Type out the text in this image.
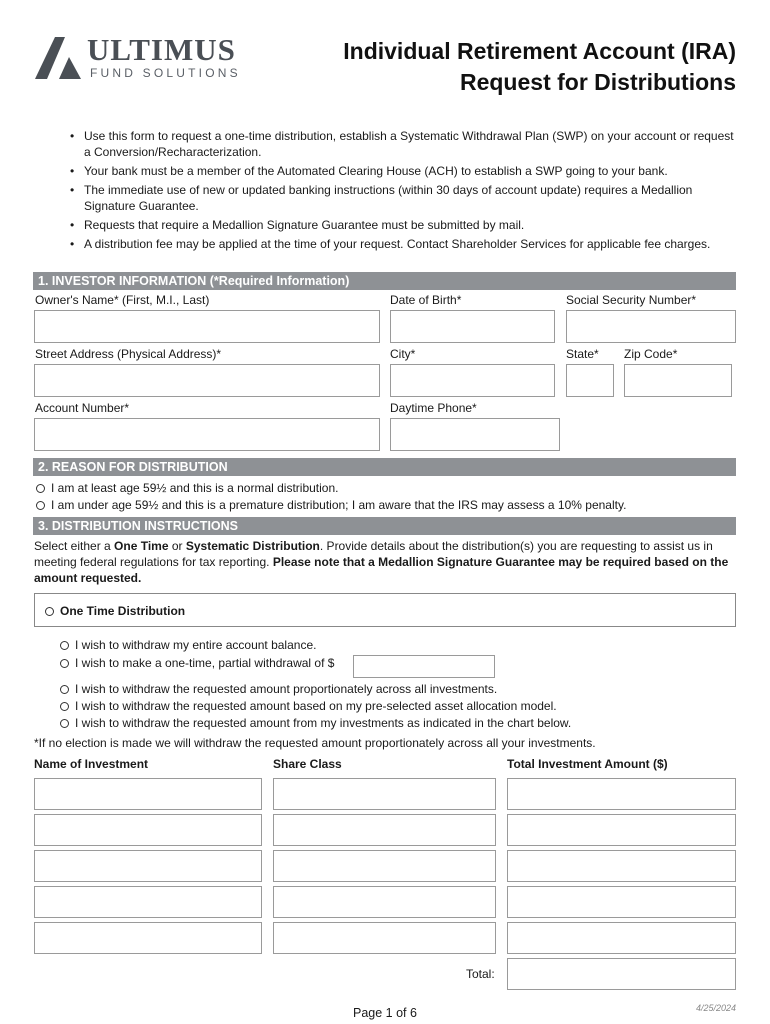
ULTIMUS
FUND SOLUTIONS
Individual Retirement Account (IRA)
Request for Distributions
• Use this form to request a one-time distribution, establish a Systematic Withdrawal Plan (SWP) on your account or request a Conversion/Recharacterization.
• Your bank must be a member of the Automated Clearing House (ACH) to establish a SWP going to your bank.
• The immediate use of new or updated banking instructions (within 30 days of account update) requires a Medallion Signature Guarantee.
• Requests that require a Medallion Signature Guarantee must be submitted by mail.
• A distribution fee may be applied at the time of your request. Contact Shareholder Services for applicable fee charges.
1. INVESTOR INFORMATION (*Required Information)
Owner's Name* (First, M.I., Last)	Date of Birth*	Social Security Number*
Street Address (Physical Address)*	City*	State* Zip Code*
Account Number*	Daytime Phone*
2. REASON FOR DISTRIBUTION
I am at least age 59½ and this is a normal distribution.
I am under age 59½ and this is a premature distribution; I am aware that the IRS may assess a 10% penalty.
3. DISTRIBUTION INSTRUCTIONS
Select either a One Time or Systematic Distribution. Provide details about the distribution(s) you are requesting to assist us in meeting federal regulations for tax reporting. Please note that a Medallion Signature Guarantee may be required based on the amount requested.
One Time Distribution
I wish to withdraw my entire account balance.
I wish to make a one-time, partial withdrawal of $
I wish to withdraw the requested amount proportionately across all investments.
I wish to withdraw the requested amount based on my pre-selected asset allocation model.
I wish to withdraw the requested amount from my investments as indicated in the chart below.
*If no election is made we will withdraw the requested amount proportionately across all your investments.
Name of Investment	Share Class	Total Investment Amount ($)
Total:
Page 1 of 6	4/25/2024
